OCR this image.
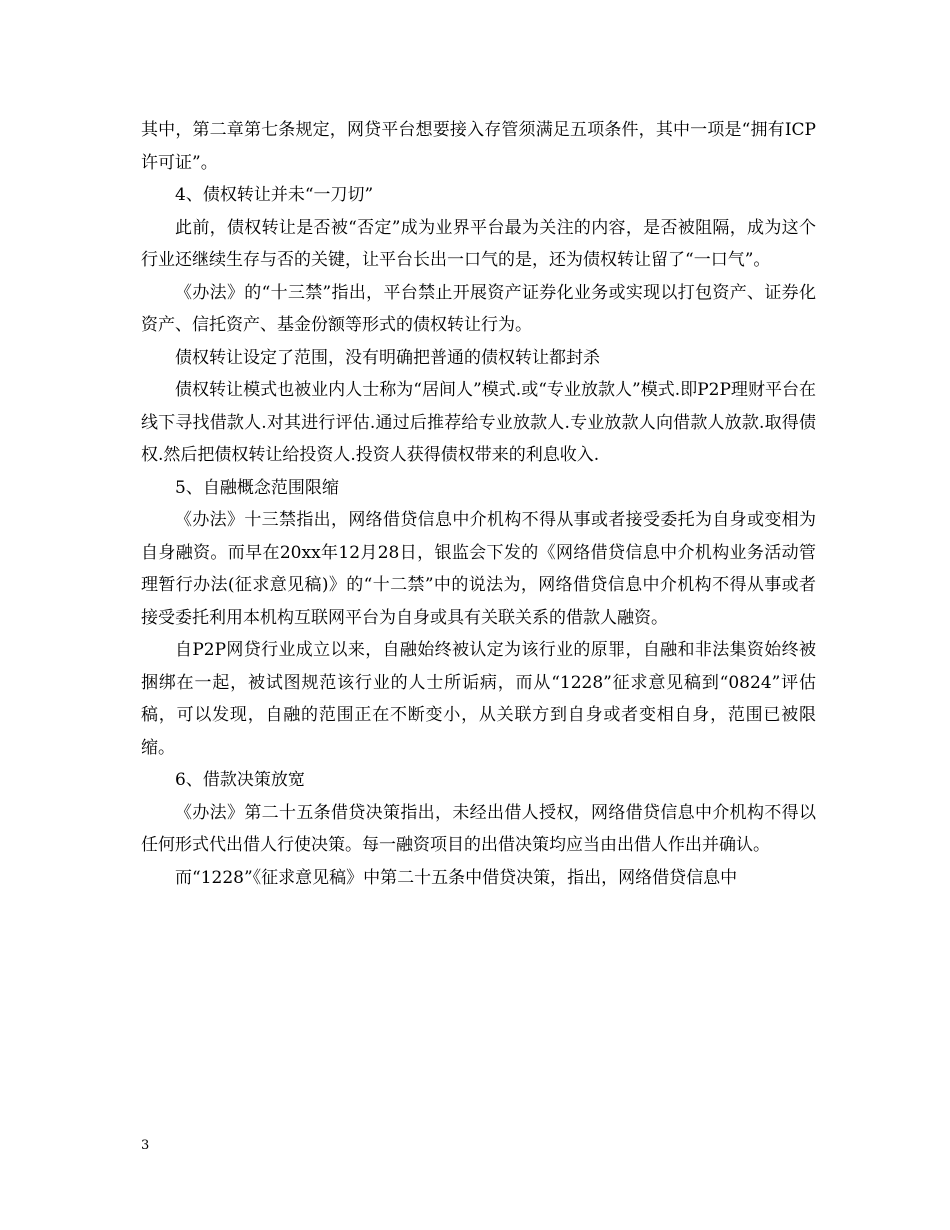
其中，第二章第七条规定，网贷平台想要接入存管须满足五项条件，其中一项是“拥有ICP许可证”。

4、债权转让并未“一刀切”

此前，债权转让是否被“否定”成为业界平台最为关注的内容，是否被阻隔，成为这个行业还继续生存与否的关键，让平台长出一口气的是，还为债权转让留了“一口气”。

《办法》的“十三禁”指出，平台禁止开展资产证券化业务或实现以打包资产、证券化资产、信托资产、基金份额等形式的债权转让行为。

债权转让设定了范围，没有明确把普通的债权转让都封杀

债权转让模式也被业内人士称为“居间人”模式.或“专业放款人”模式.即P2P理财平台在线下寻找借款人.对其进行评估.通过后推荐给专业放款人.专业放款人向借款人放款.取得债权.然后把债权转让给投资人.投资人获得债权带来的利息收入.

5、自融概念范围限缩

《办法》十三禁指出，网络借贷信息中介机构不得从事或者接受委托为自身或变相为自身融资。而早在20xx年12月28日，银监会下发的《网络借贷信息中介机构业务活动管理暂行办法(征求意见稿)》的“十二禁”中的说法为，网络借贷信息中介机构不得从事或者接受委托利用本机构互联网平台为自身或具有关联关系的借款人融资。

自P2P网贷行业成立以来，自融始终被认定为该行业的原罪，自融和非法集资始终被捆绑在一起，被试图规范该行业的人士所诟病，而从“1228”征求意见稿到“0824”评估稿，可以发现，自融的范围正在不断变小，从关联方到自身或者变相自身，范围已被限缩。

6、借款决策放宽

《办法》第二十五条借贷决策指出，未经出借人授权，网络借贷信息中介机构不得以任何形式代出借人行使决策。每一融资项目的出借决策均应当由出借人作出并确认。

而“1228”《征求意见稿》中第二十五条中借贷决策，指出，网络借贷信息中

3
